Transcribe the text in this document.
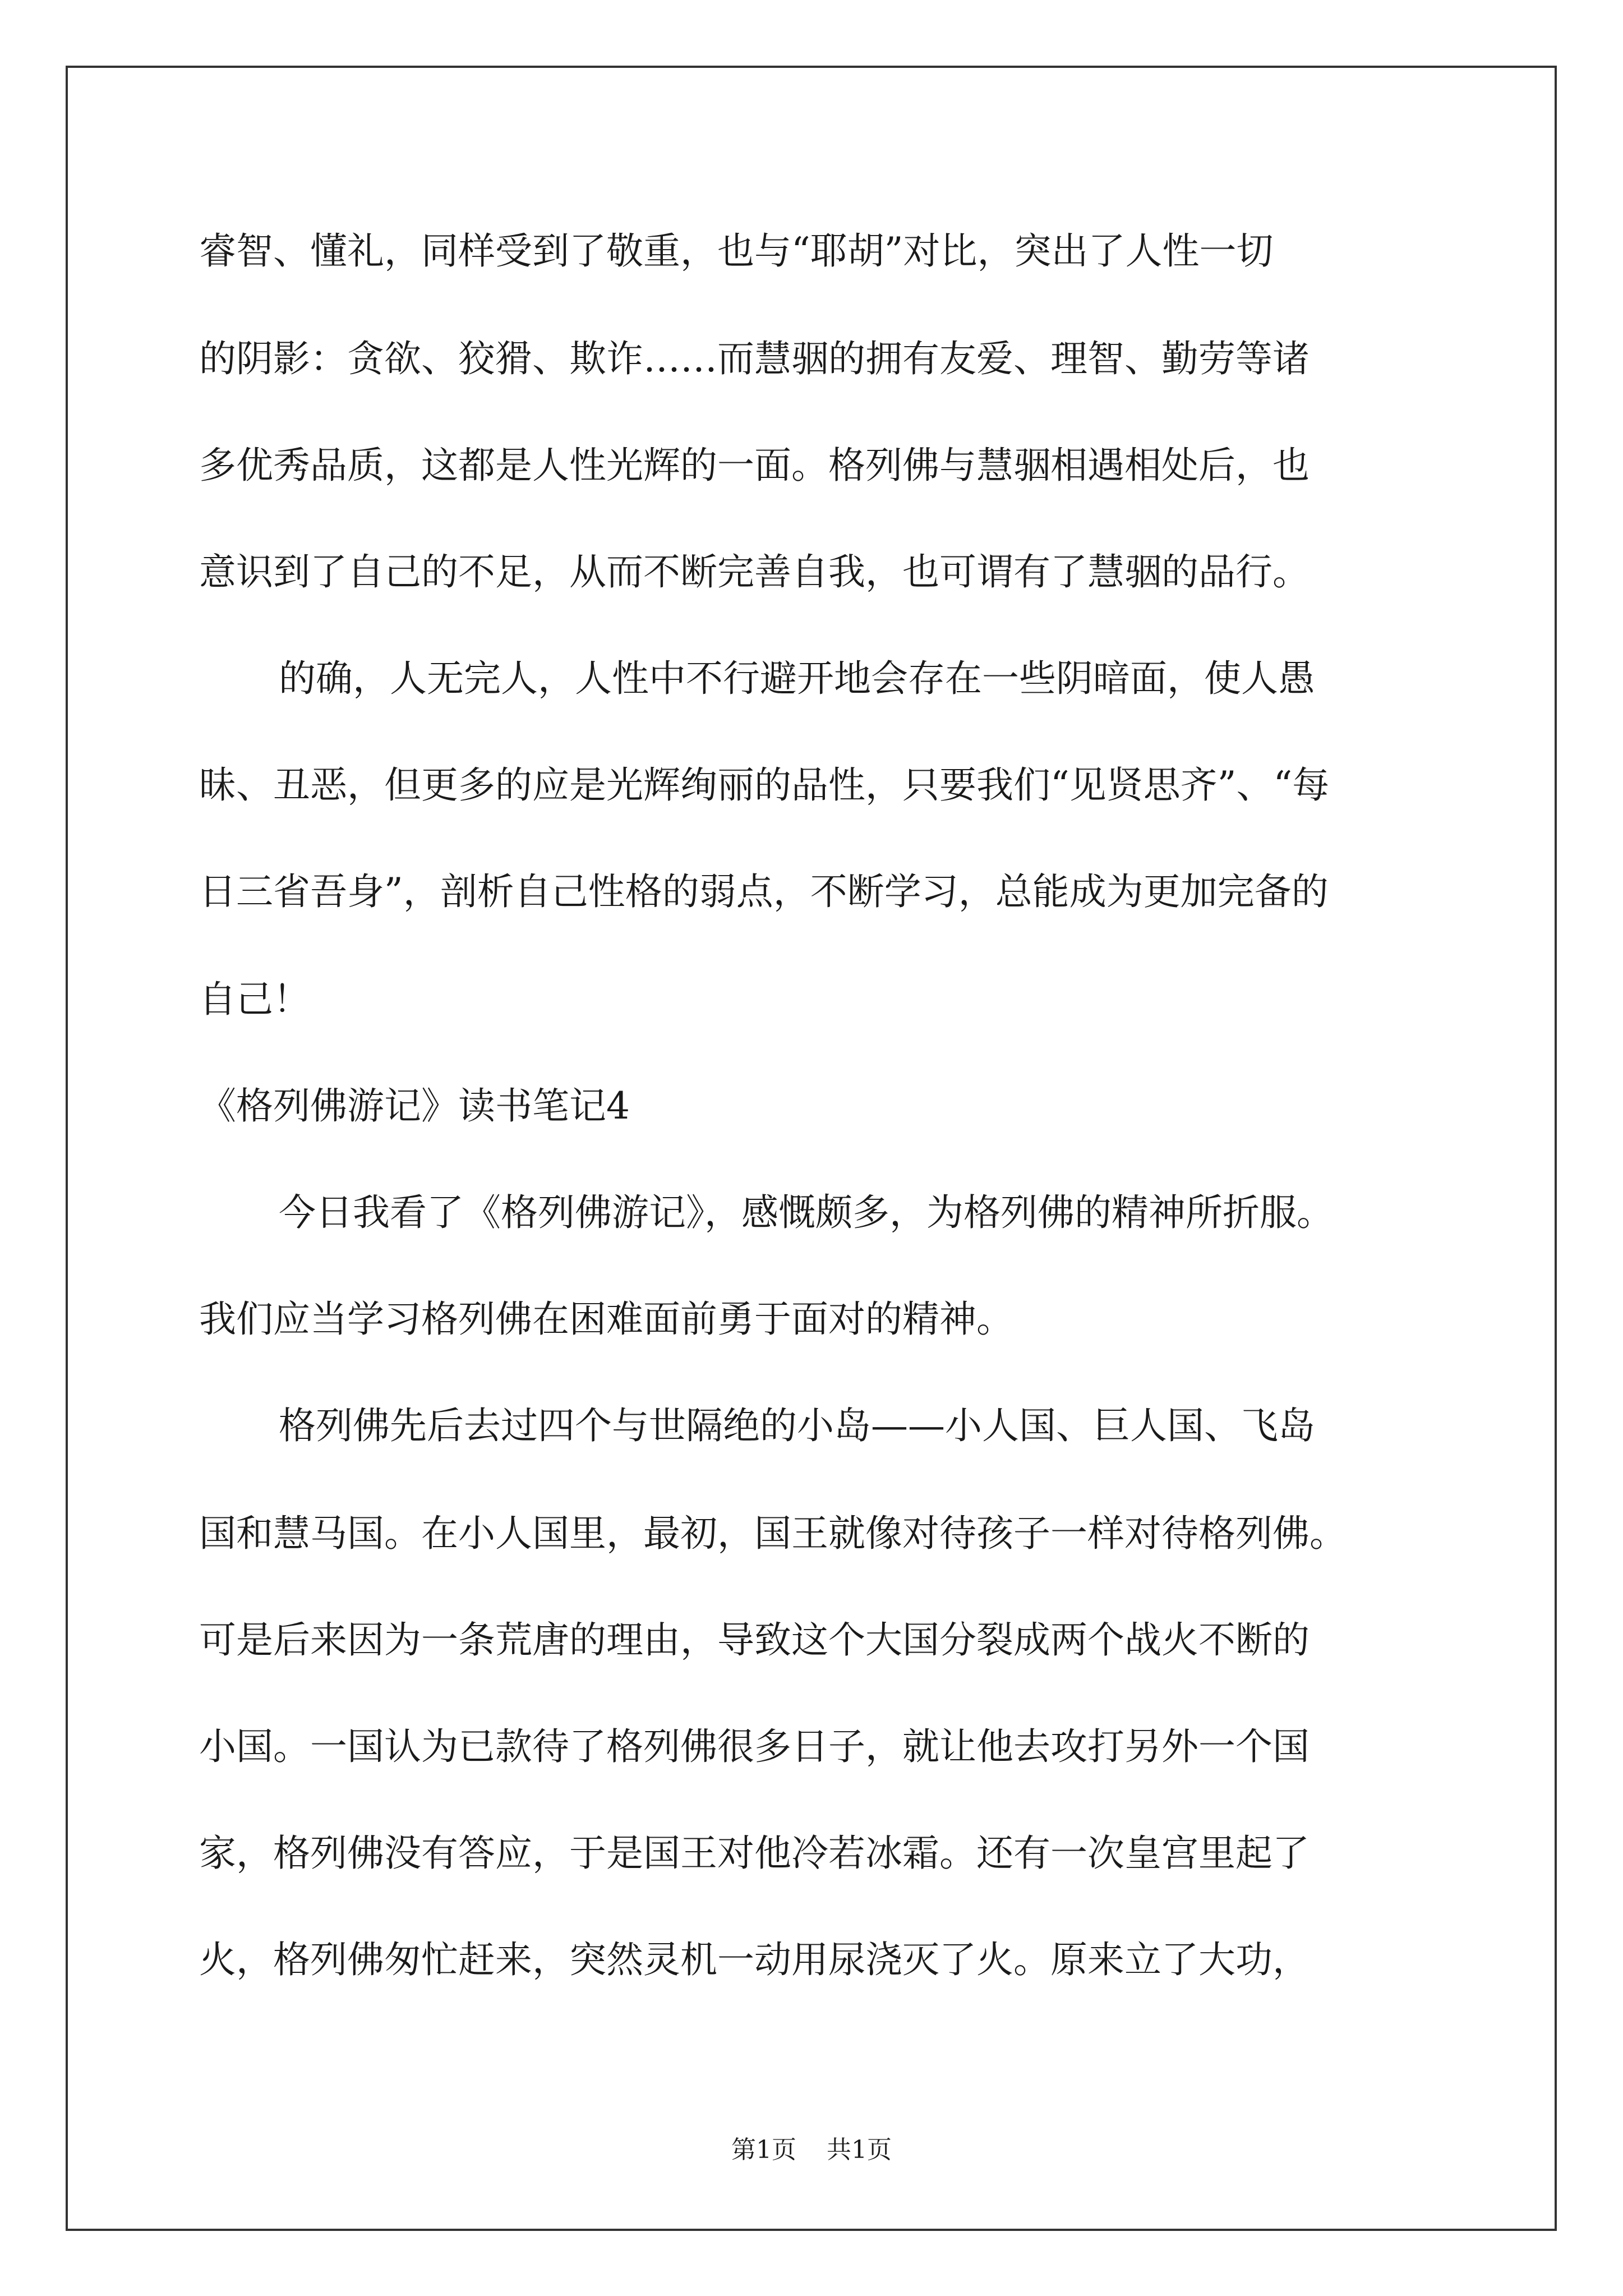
睿智、懂礼，同样受到了敬重，也与“耶胡”对比，突出了人性一切
的阴影：贪欲、狡猾、欺诈……而慧骃的拥有友爱、理智、勤劳等诸
多优秀品质，这都是人性光辉的一面。格列佛与慧骃相遇相处后，也
意识到了自己的不足，从而不断完善自我，也可谓有了慧骃的品行。
的确，人无完人，人性中不行避开地会存在一些阴暗面，使人愚
昧、丑恶，但更多的应是光辉绚丽的品性，只要我们“见贤思齐”、“每
日三省吾身”，剖析自己性格的弱点，不断学习，总能成为更加完备的
自己！
《格列佛游记》读书笔记4
今日我看了《格列佛游记》，感慨颇多，为格列佛的精神所折服。
我们应当学习格列佛在困难面前勇于面对的精神。
格列佛先后去过四个与世隔绝的小岛——小人国、巨人国、飞岛
国和慧马国。在小人国里，最初，国王就像对待孩子一样对待格列佛。
可是后来因为一条荒唐的理由，导致这个大国分裂成两个战火不断的
小国。一国认为已款待了格列佛很多日子，就让他去攻打另外一个国
家，格列佛没有答应，于是国王对他冷若冰霜。还有一次皇宫里起了
火，格列佛匆忙赶来，突然灵机一动用尿浇灭了火。原来立了大功，
第1页 共1页
